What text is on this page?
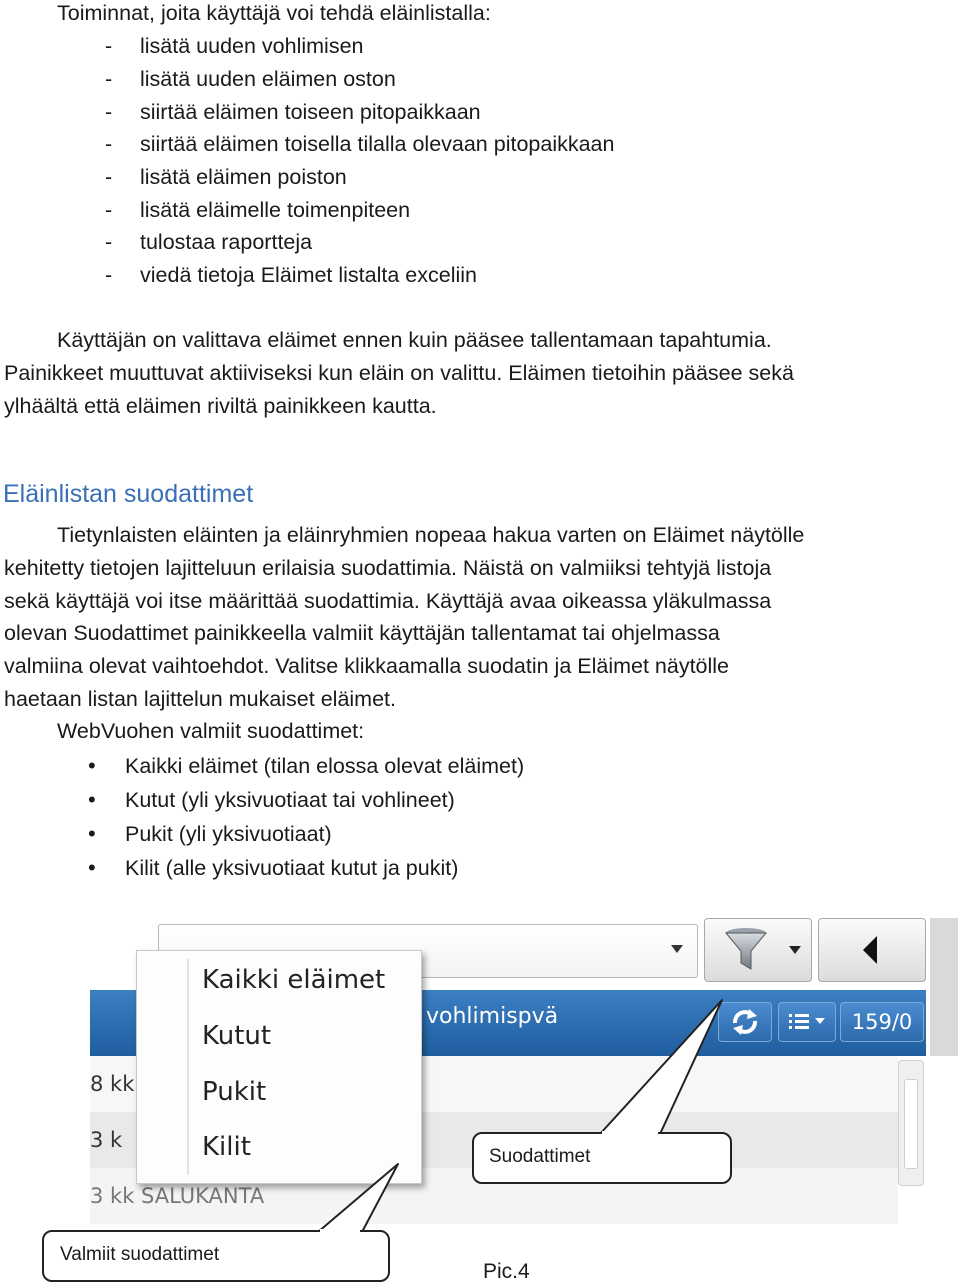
Toiminnat, joita käyttäjä voi tehdä eläinlistalla:

- lisätä uuden vohlimisen
- lisätä uuden eläimen oston
- siirtää eläimen toiseen pitopaikkaan
- siirtää eläimen toisella tilalla olevaan pitopaikkaan
- lisätä eläimen poiston
- lisätä eläimelle toimenpiteen
- tulostaa raportteja
- viedä tietoja Eläimet listalta exceliin

Käyttäjän on valittava eläimet ennen kuin pääsee tallentamaan tapahtumia.

Painikkeet muuttuvat aktiiviseksi kun eläin on valittu. Eläimen tietoihin pääsee sekä

ylhäältä että eläimen riviltä painikkeen kautta.

Eläinlistan suodattimet

Tietynlaisten eläinten ja eläinryhmien nopeaa hakua varten on Eläimet näytölle

kehitetty tietojen lajitteluun erilaisia suodattimia. Näistä on valmiiksi tehtyjä listoja

sekä käyttäjä voi itse määrittää suodattimia. Käyttäjä avaa oikeassa yläkulmassa

olevan Suodattimet painikkeella valmiit käyttäjän tallentamat tai ohjelmassa

valmiina olevat vaihtoehdot. Valitse klikkaamalla suodatin ja Eläimet näytölle

haetaan listan lajittelun mukaiset eläimet.

WebVuohen valmiit suodattimet:

• Kaikki eläimet (tilan elossa olevat eläimet)
• Kutut (yli yksivuotiaat tai vohlineet)
• Pukit (yli yksivuotiaat)
• Kilit (alle yksivuotiaat kutut ja pukit)
vohlimispvä	159/0
8 kk
3 k
3 kk SALUKANTA
Kaikki eläimet
Kutut
Pukit
Kilit	Suodattimet
Valmiit suodattimet
Pic.4
